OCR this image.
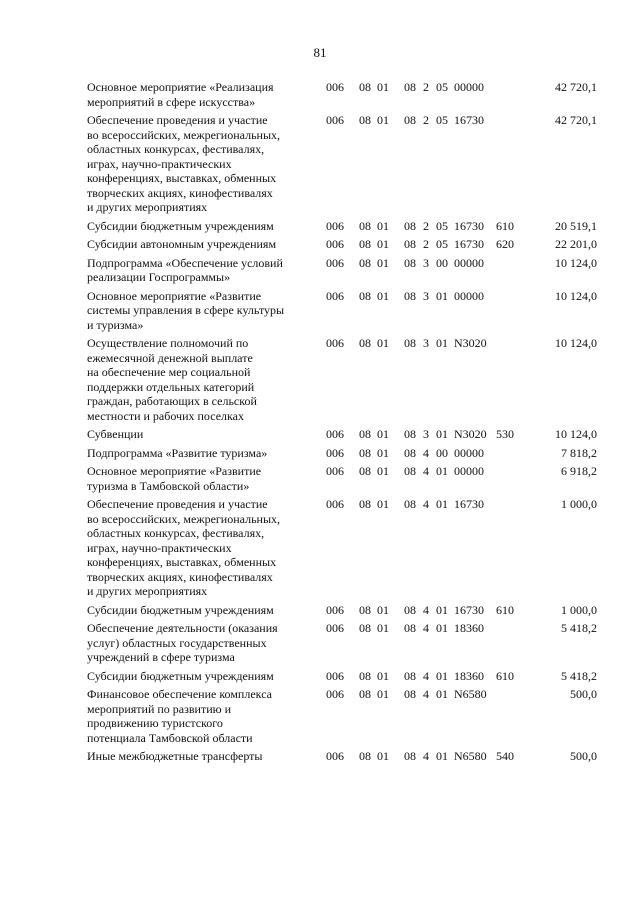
81
Основное мероприятие «Реализация
мероприятий в сфере искусства»
006 08 01 08 2 05 00000	42 720,1
Обеспечение проведения и участие
во всероссийских, межрегиональных,
областных конкурсах, фестивалях,
играх, научно-практических
конференциях, выставках, обменных
творческих акциях, кинофестивалях
и других мероприятиях
006 08 01 08 2 05 16730	42 720,1
Субсидии бюджетным учреждениям	006 08 01 08 2 05 16730 610	20 519,1
Субсидии автономным учреждениям	006 08 01 08 2 05 16730 620	22 201,0
Подпрограмма «Обеспечение условий
реализации Госпрограммы»
006 08 01 08 3 00 00000	10 124,0
Основное мероприятие «Развитие
системы управления в сфере культуры
и туризма»
006 08 01 08 3 01 00000	10 124,0
Осуществление полномочий по
ежемесячной денежной выплате
на обеспечение мер социальной
поддержки отдельных категорий
граждан, работающих в сельской
местности и рабочих поселках
006 08 01 08 3 01 N3020	10 124,0
Субвенции	006 08 01 08 3 01 N3020 530	10 124,0
Подпрограмма «Развитие туризма»	006 08 01 08 4 00 00000	7 818,2
Основное мероприятие «Развитие
туризма в Тамбовской области»
006 08 01 08 4 01 00000	6 918,2
Обеспечение проведения и участие
во всероссийских, межрегиональных,
областных конкурсах, фестивалях,
играх, научно-практических
конференциях, выставках, обменных
творческих акциях, кинофестивалях
и других мероприятиях
006 08 01 08 4 01 16730	1 000,0
Субсидии бюджетным учреждениям	006 08 01 08 4 01 16730 610	1 000,0
Обеспечение деятельности (оказания
услуг) областных государственных
учреждений в сфере туризма
006 08 01 08 4 01 18360	5 418,2
Субсидии бюджетным учреждениям	006 08 01 08 4 01 18360 610	5 418,2
Финансовое обеспечение комплекса
мероприятий по развитию и
продвижению туристского
потенциала Тамбовской области
006 08 01 08 4 01 N6580	500,0
Иные межбюджетные трансферты	006 08 01 08 4 01 N6580 540	500,0
